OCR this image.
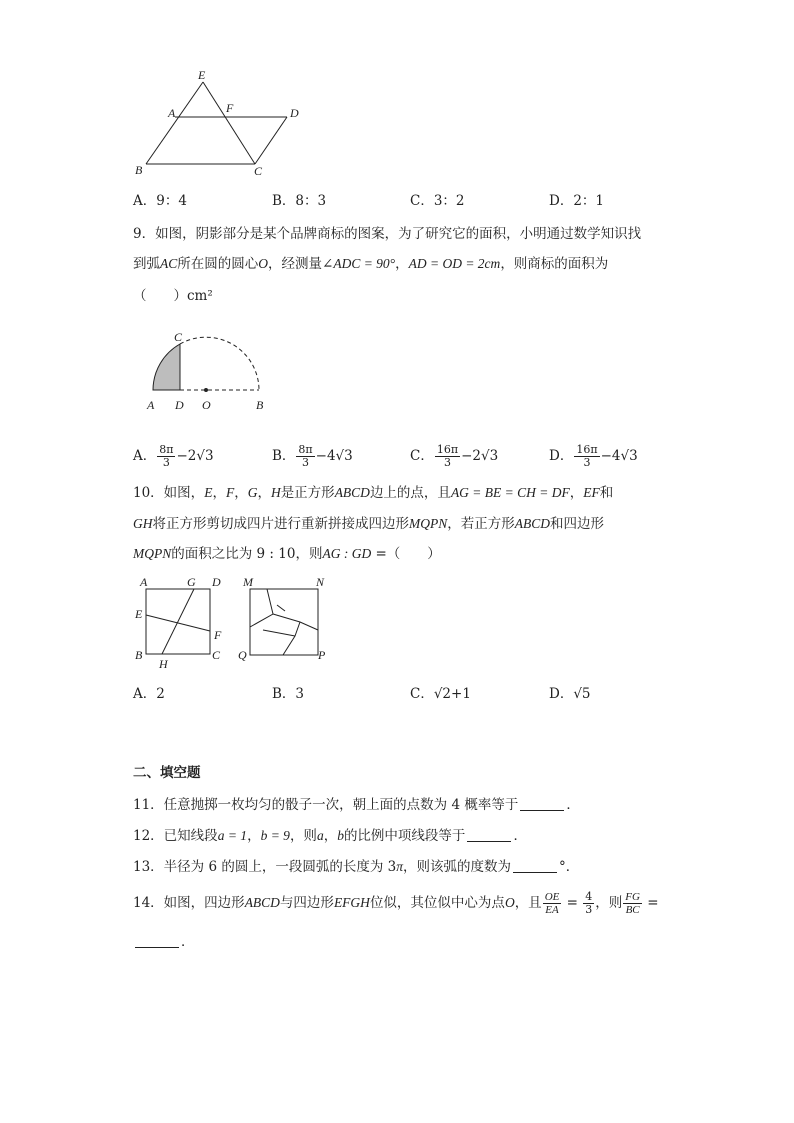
E
A	F	D
B	C
A．9：4	B．8：3	C．3：2	D．2：1
9．如图，阴影部分是某个品牌商标的图案，为了研究它的面积，小明通过数学知识找
到弧AC所在圆的圆心O，经测量∠ADC = 90°，AD = OD = 2cm，则商标的面积为
（　　）cm²
C
A D O	B
A． $\frac{8\pi}{3} -2√3$	B． $\frac{8\pi}{3} -4√3$	C． $\frac{16\pi}{3} -2√3$	D． $\frac{16\pi}{3} -4√3$
10．如图，E，F，G，H是正方形ABCD边上的点，且AG = BE = CH = DF，EF和
GH将正方形剪切成四片进行重新拼接成四边形MQPN，若正方形ABCD和四边形
MQPN的面积之比为 9 : 10，则AG : GD =（　　）
A	G D
E
F
B
H
C
M	N
Q	P
A．2	B．3	C．√2+1	D．√5
二、填空题
11．任意抛掷一枚均匀的骰子一次，朝上面的点数为 4 概率等于	．
12．已知线段a = 1，b = 9，则a，b的比例中项线段等于	．
13．半径为 6 的圆上，一段圆弧的长度为 3π，则该弧的度数为	°．
14．如图，四边形ABCD与四边形EFGH位似，其位似中心为点O，且 $\frac{OE}{EA} = \frac{4}{3}$ ，则 $\frac{FG}{BC}$ =
．
